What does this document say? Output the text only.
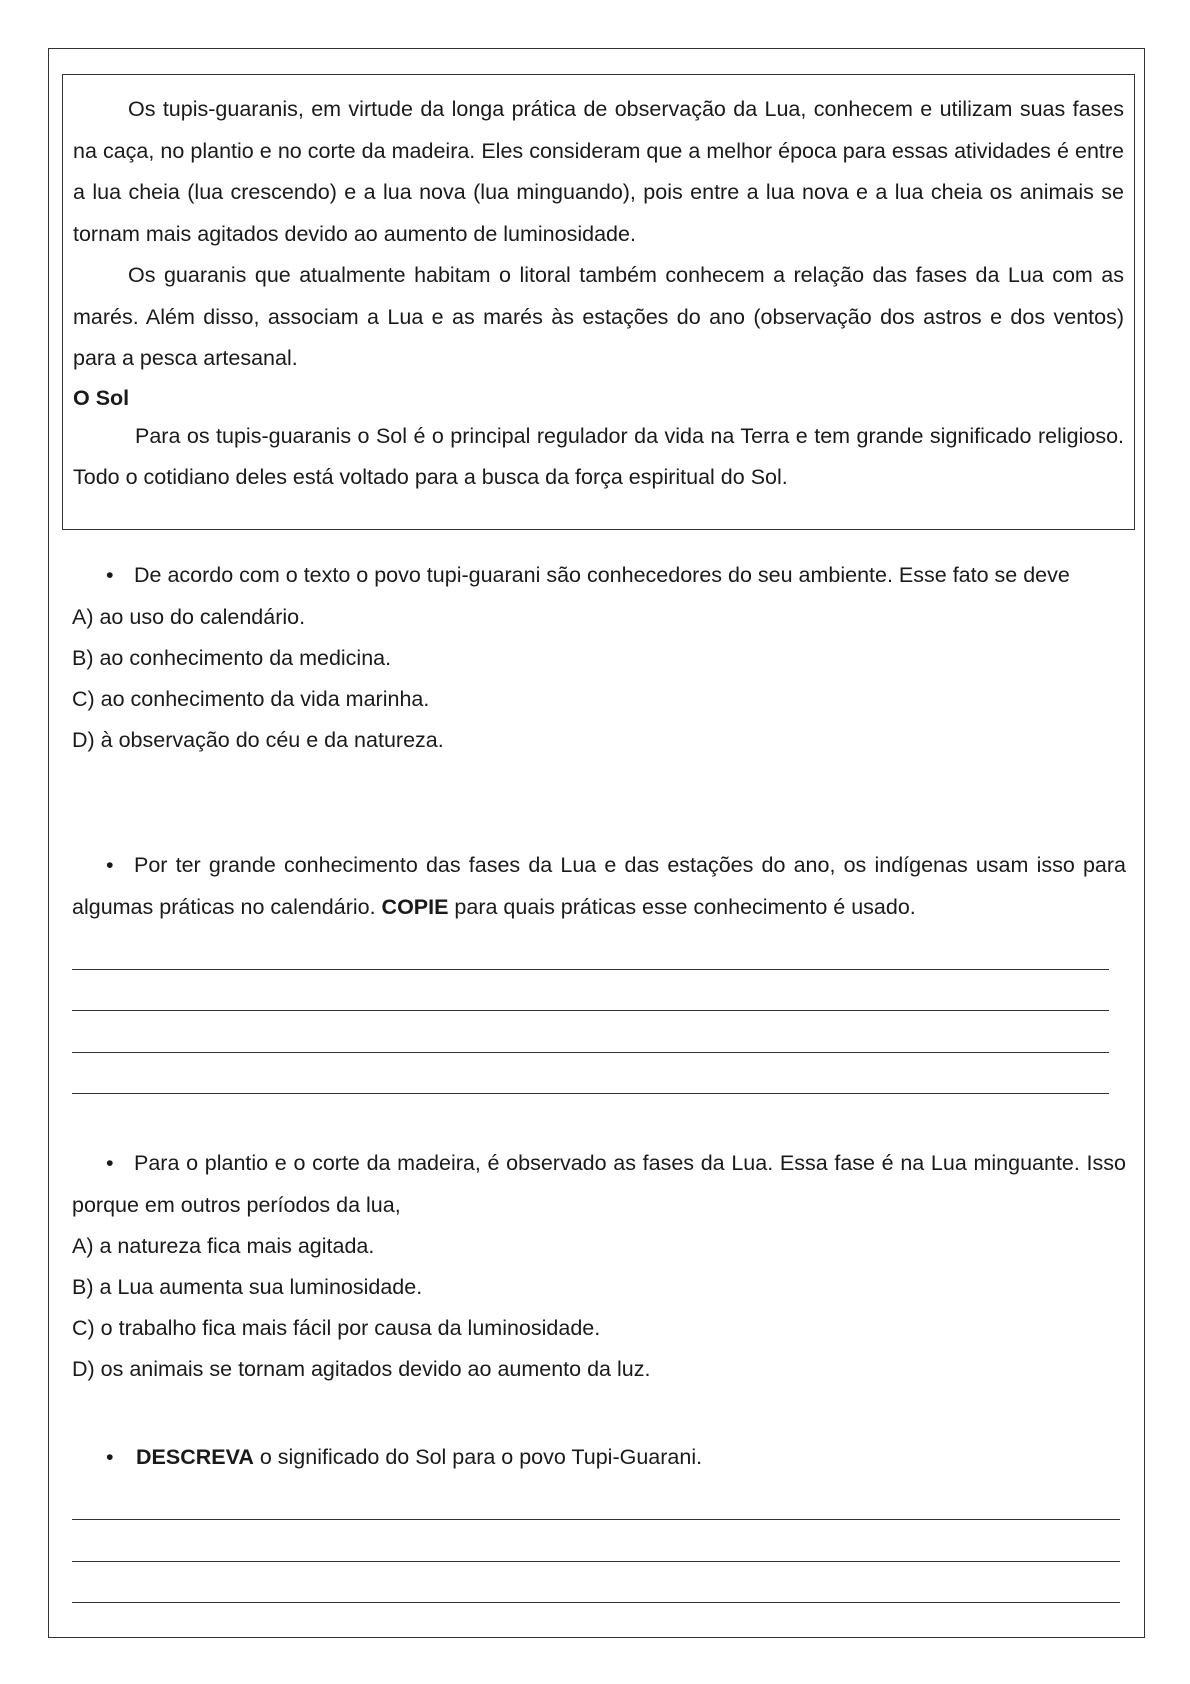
Os tupis-guaranis, em virtude da longa prática de observação da Lua, conhecem e utilizam suas fases na caça, no plantio e no corte da madeira. Eles consideram que a melhor época para essas atividades é entre a lua cheia (lua crescendo) e a lua nova (lua minguando), pois entre a lua nova e a lua cheia os animais se tornam mais agitados devido ao aumento de luminosidade.

Os guaranis que atualmente habitam o litoral também conhecem a relação das fases da Lua com as marés. Além disso, associam a Lua e as marés às estações do ano (observação dos astros e dos ventos) para a pesca artesanal.

O Sol

Para os tupis-guaranis o Sol é o principal regulador da vida na Terra e tem grande significado religioso. Todo o cotidiano deles está voltado para a busca da força espiritual do Sol.

• De acordo com o texto o povo tupi-guarani são conhecedores do seu ambiente. Esse fato se deve

A) ao uso do calendário.

B) ao conhecimento da medicina.

C) ao conhecimento da vida marinha.

D) à observação do céu e da natureza.

• Por ter grande conhecimento das fases da Lua e das estações do ano, os indígenas usam isso para algumas práticas no calendário. COPIE para quais práticas esse conhecimento é usado.

• Para o plantio e o corte da madeira, é observado as fases da Lua. Essa fase é na Lua minguante. Isso porque em outros períodos da lua,

A) a natureza fica mais agitada.

B) a Lua aumenta sua luminosidade.

C) o trabalho fica mais fácil por causa da luminosidade.

D) os animais se tornam agitados devido ao aumento da luz.

• DESCREVA o significado do Sol para o povo Tupi-Guarani.
